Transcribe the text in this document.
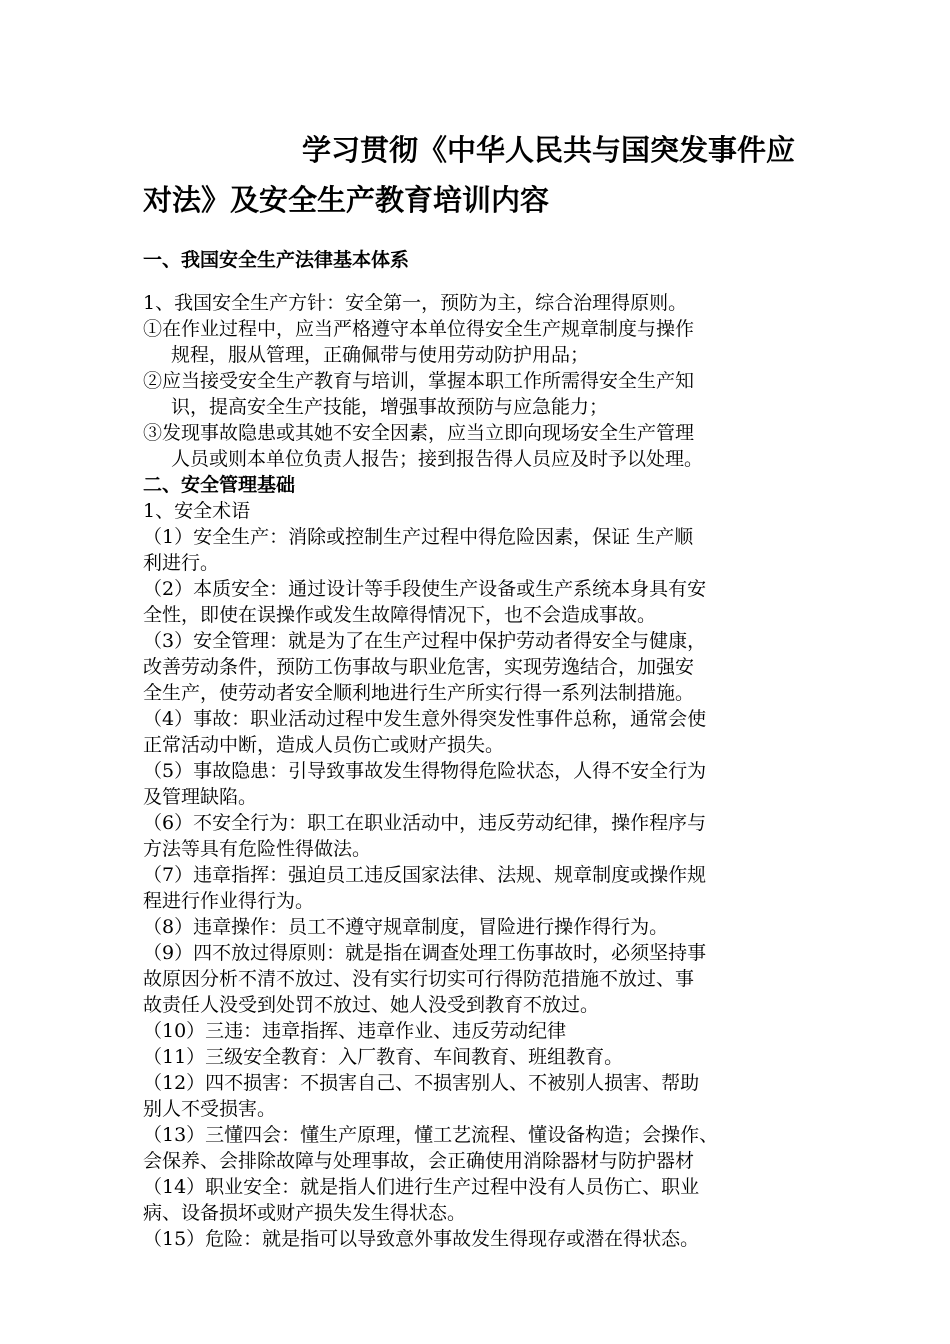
学习贯彻《中华人民共与国突发事件应
对法》及安全生产教育培训内容
一、我国安全生产法律基本体系
1、我国安全生产方针：安全第一，预防为主，综合治理得原则。
①在作业过程中，应当严格遵守本单位得安全生产规章制度与操作
规程，服从管理，正确佩带与使用劳动防护用品；
②应当接受安全生产教育与培训，掌握本职工作所需得安全生产知
识，提高安全生产技能，增强事故预防与应急能力；
③发现事故隐患或其她不安全因素，应当立即向现场安全生产管理
人员或则本单位负责人报告；接到报告得人员应及时予以处理。
二、安全管理基础
1、安全术语
（1）安全生产：消除或控制生产过程中得危险因素，保证 生产顺
利进行。
（2）本质安全：通过设计等手段使生产设备或生产系统本身具有安
全性，即使在误操作或发生故障得情况下，也不会造成事故。
（3）安全管理：就是为了在生产过程中保护劳动者得安全与健康，
改善劳动条件，预防工伤事故与职业危害，实现劳逸结合，加强安
全生产，使劳动者安全顺利地进行生产所实行得一系列法制措施。
（4）事故：职业活动过程中发生意外得突发性事件总称，通常会使
正常活动中断，造成人员伤亡或财产损失。
（5）事故隐患：引导致事故发生得物得危险状态，人得不安全行为
及管理缺陷。
（6）不安全行为：职工在职业活动中，违反劳动纪律，操作程序与
方法等具有危险性得做法。
（7）违章指挥：强迫员工违反国家法律、法规、规章制度或操作规
程进行作业得行为。
（8）违章操作：员工不遵守规章制度，冒险进行操作得行为。
（9）四不放过得原则：就是指在调查处理工伤事故时，必须坚持事
故原因分析不清不放过、没有实行切实可行得防范措施不放过、事
故责任人没受到处罚不放过、她人没受到教育不放过。
（10）三违：违章指挥、违章作业、违反劳动纪律
（11）三级安全教育：入厂教育、车间教育、班组教育。
（12）四不损害：不损害自己、不损害别人、不被别人损害、帮助
别人不受损害。
（13）三懂四会：懂生产原理，懂工艺流程、懂设备构造；会操作、
会保养、会排除故障与处理事故，会正确使用消除器材与防护器材
（14）职业安全：就是指人们进行生产过程中没有人员伤亡、职业
病、设备损坏或财产损失发生得状态。
（15）危险：就是指可以导致意外事故发生得现存或潜在得状态。
